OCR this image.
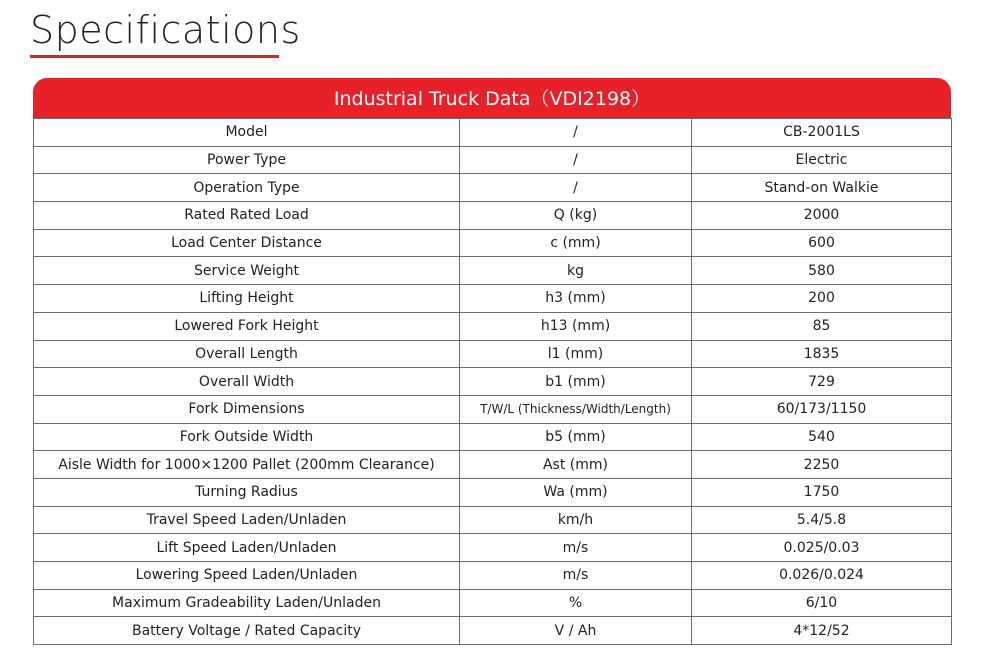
Specifications
Industrial Truck Data（VDI2198）
Model	/	CB-2001LS
Power Type	/	Electric
Operation Type	/	Stand-on Walkie
Rated Rated Load	Q (kg)	2000
Load Center Distance	c (mm)	600
Service Weight	kg	580
Lifting Height	h3 (mm)	200
Lowered Fork Height	h13 (mm)	85
Overall Length	l1 (mm)	1835
Overall Width	b1 (mm)	729
Fork Dimensions	T/W/L (Thickness/Width/Length)	60/173/1150
Fork Outside Width	b5 (mm)	540
Aisle Width for 1000×1200 Pallet (200mm Clearance)	Ast (mm)	2250
Turning Radius	Wa (mm)	1750
Travel Speed Laden/Unladen	km/h	5.4/5.8
Lift Speed Laden/Unladen	m/s	0.025/0.03
Lowering Speed Laden/Unladen	m/s	0.026/0.024
Maximum Gradeability Laden/Unladen	%	6/10
Battery Voltage / Rated Capacity	V / Ah	4*12/52
